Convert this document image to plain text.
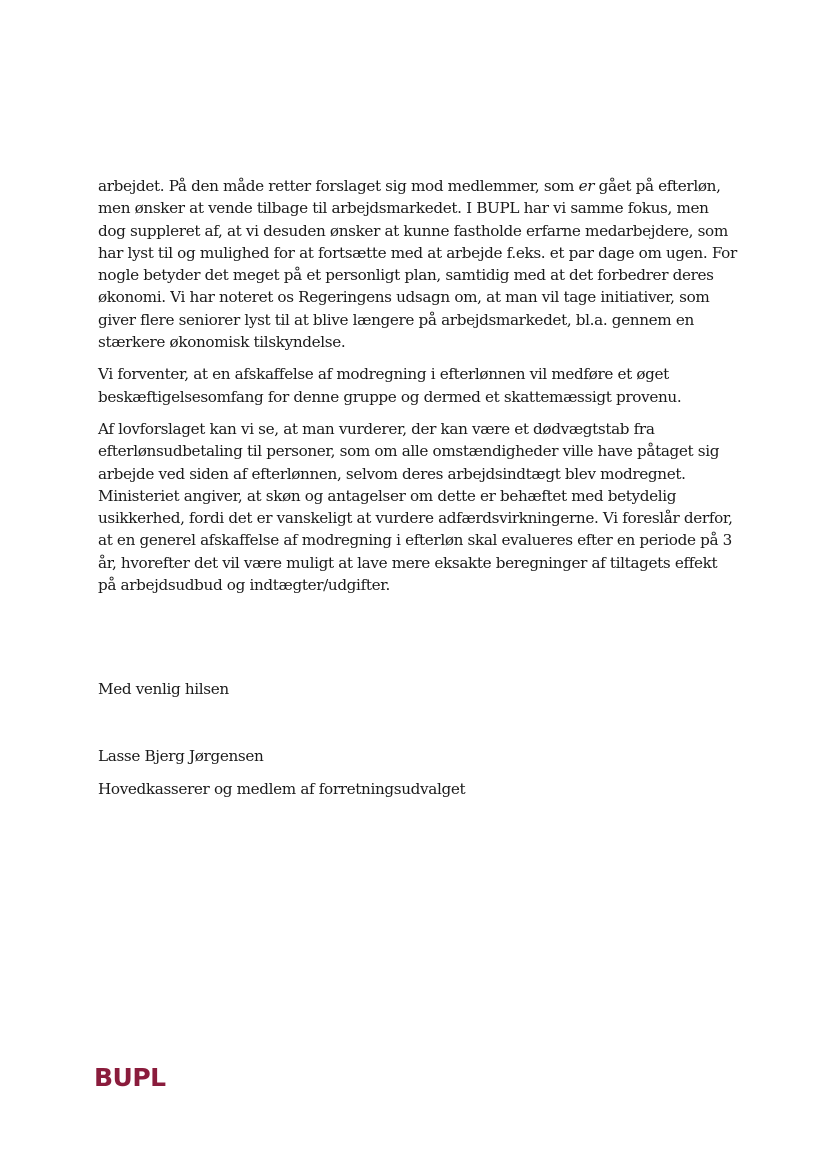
arbejdet. På den måde retter forslaget sig mod medlemmer, som er gået på efterløn,
men ønsker at vende tilbage til arbejdsmarkedet. I BUPL har vi samme fokus, men
dog suppleret af, at vi desuden ønsker at kunne fastholde erfarne medarbejdere, som
har lyst til og mulighed for at fortsætte med at arbejde f.eks. et par dage om ugen. For
nogle betyder det meget på et personligt plan, samtidig med at det forbedrer deres
økonomi. Vi har noteret os Regeringens udsagn om, at man vil tage initiativer, som
giver flere seniorer lyst til at blive længere på arbejdsmarkedet, bl.a. gennem en
stærkere økonomisk tilskyndelse.
Vi forventer, at en afskaffelse af modregning i efterlønnen vil medføre et øget
beskæftigelsesomfang for denne gruppe og dermed et skattemæssigt provenu.
Af lovforslaget kan vi se, at man vurderer, der kan være et dødvægtstab fra
efterlønsudbetaling til personer, som om alle omstændigheder ville have påtaget sig
arbejde ved siden af efterlønnen, selvom deres arbejdsindtægt blev modregnet.
Ministeriet angiver, at skøn og antagelser om dette er behæftet med betydelig
usikkerhed, fordi det er vanskeligt at vurdere adfærdsvirkningerne. Vi foreslår derfor,
at en generel afskaffelse af modregning i efterløn skal evalueres efter en periode på 3
år, hvorefter det vil være muligt at lave mere eksakte beregninger af tiltagets effekt
på arbejdsudbud og indtægter/udgifter.
Med venlig hilsen
Lasse Bjerg Jørgensen
Hovedkasserer og medlem af forretningsudvalget
BUPL
